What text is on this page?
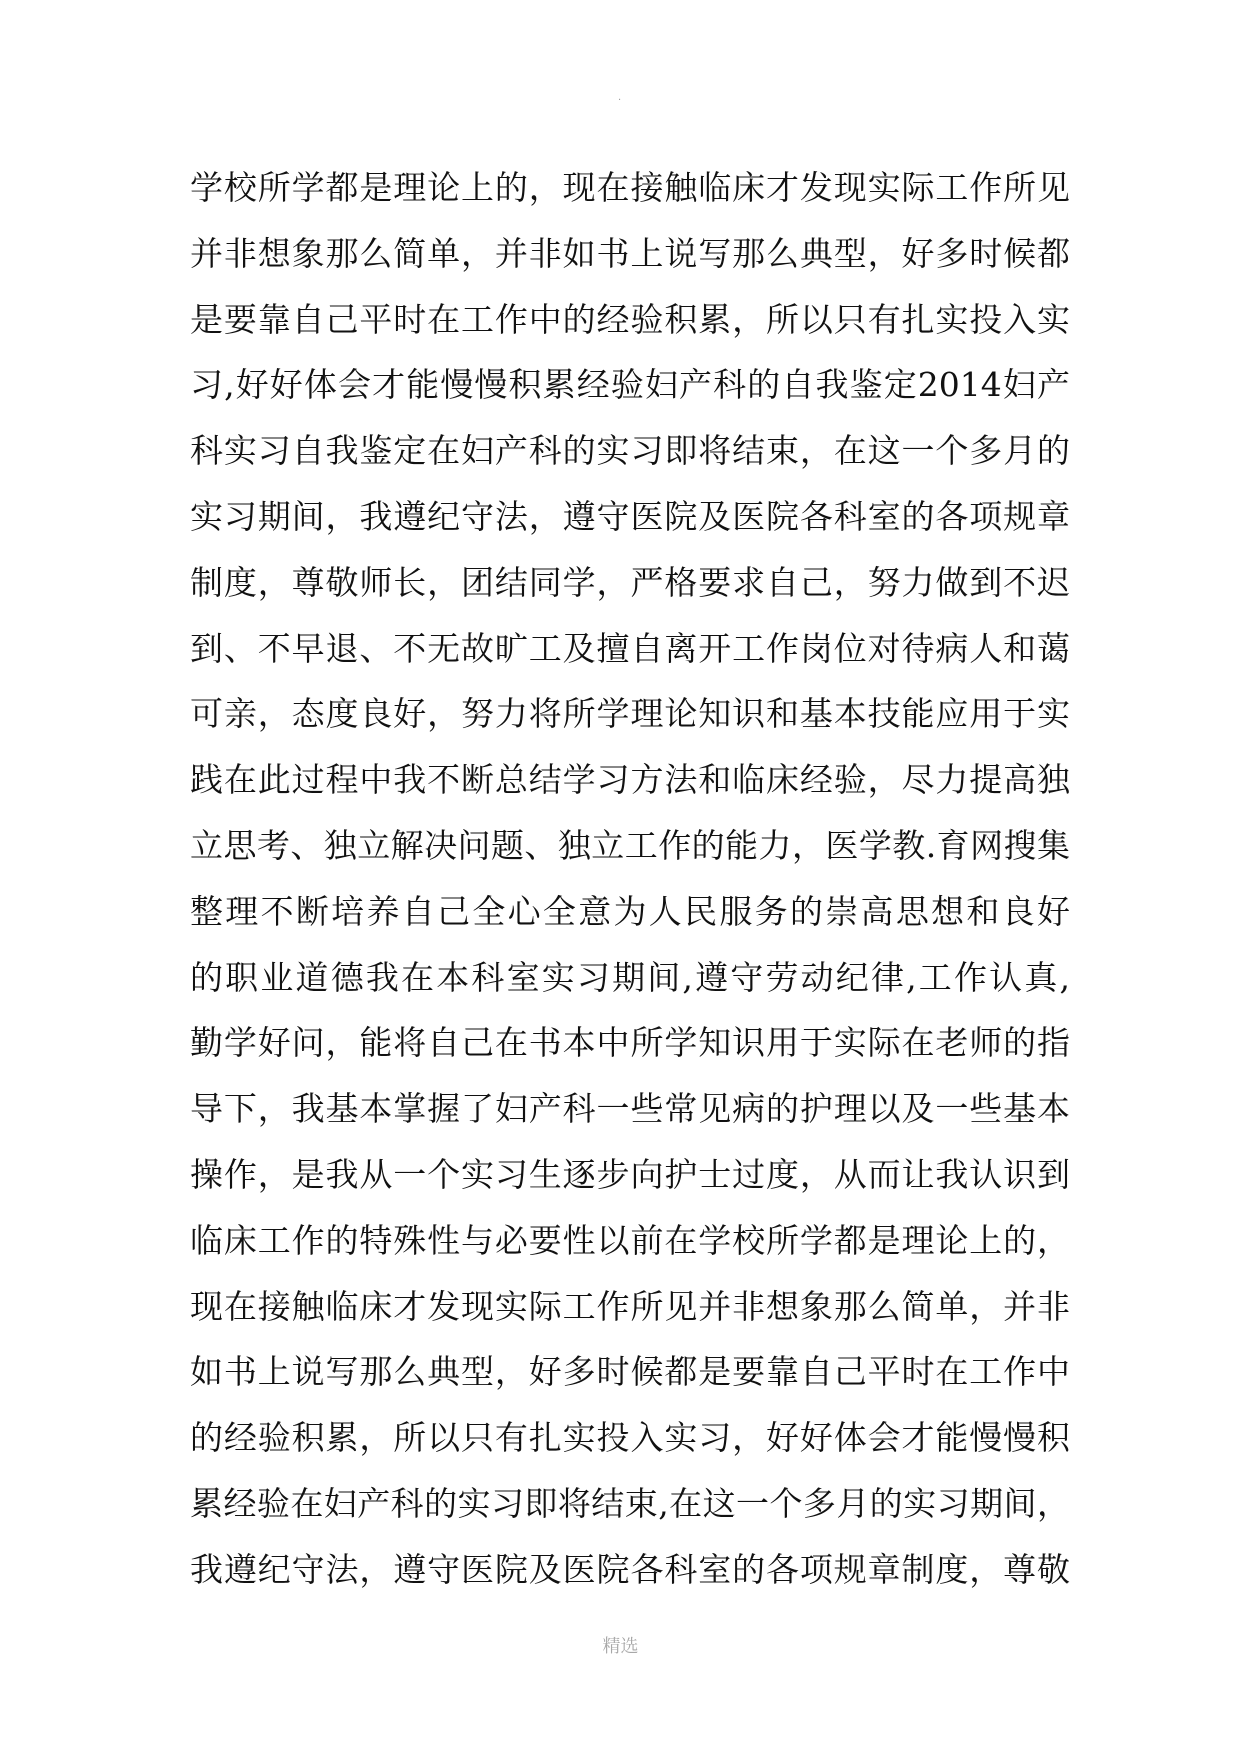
.
学校所学都是理论上的，现在接触临床才发现实际工作所见
并非想象那么简单，并非如书上说写那么典型，好多时候都
是要靠自己平时在工作中的经验积累，所以只有扎实投入实
习,好好体会才能慢慢积累经验妇产科的自我鉴定2014妇产
科实习自我鉴定在妇产科的实习即将结束，在这一个多月的
实习期间，我遵纪守法，遵守医院及医院各科室的各项规章
制度，尊敬师长，团结同学，严格要求自己，努力做到不迟
到、不早退、不无故旷工及擅自离开工作岗位对待病人和蔼
可亲，态度良好，努力将所学理论知识和基本技能应用于实
践在此过程中我不断总结学习方法和临床经验，尽力提高独
立思考、独立解决问题、独立工作的能力，医学教.育网搜集
整理不断培养自己全心全意为人民服务的崇高思想和良好
的职业道德我在本科室实习期间,遵守劳动纪律,工作认真,
勤学好问，能将自己在书本中所学知识用于实际在老师的指
导下，我基本掌握了妇产科一些常见病的护理以及一些基本
操作，是我从一个实习生逐步向护士过度，从而让我认识到
临床工作的特殊性与必要性以前在学校所学都是理论上的，
现在接触临床才发现实际工作所见并非想象那么简单，并非
如书上说写那么典型，好多时候都是要靠自己平时在工作中
的经验积累，所以只有扎实投入实习，好好体会才能慢慢积
累经验在妇产科的实习即将结束,在这一个多月的实习期间，
我遵纪守法，遵守医院及医院各科室的各项规章制度，尊敬
精选
